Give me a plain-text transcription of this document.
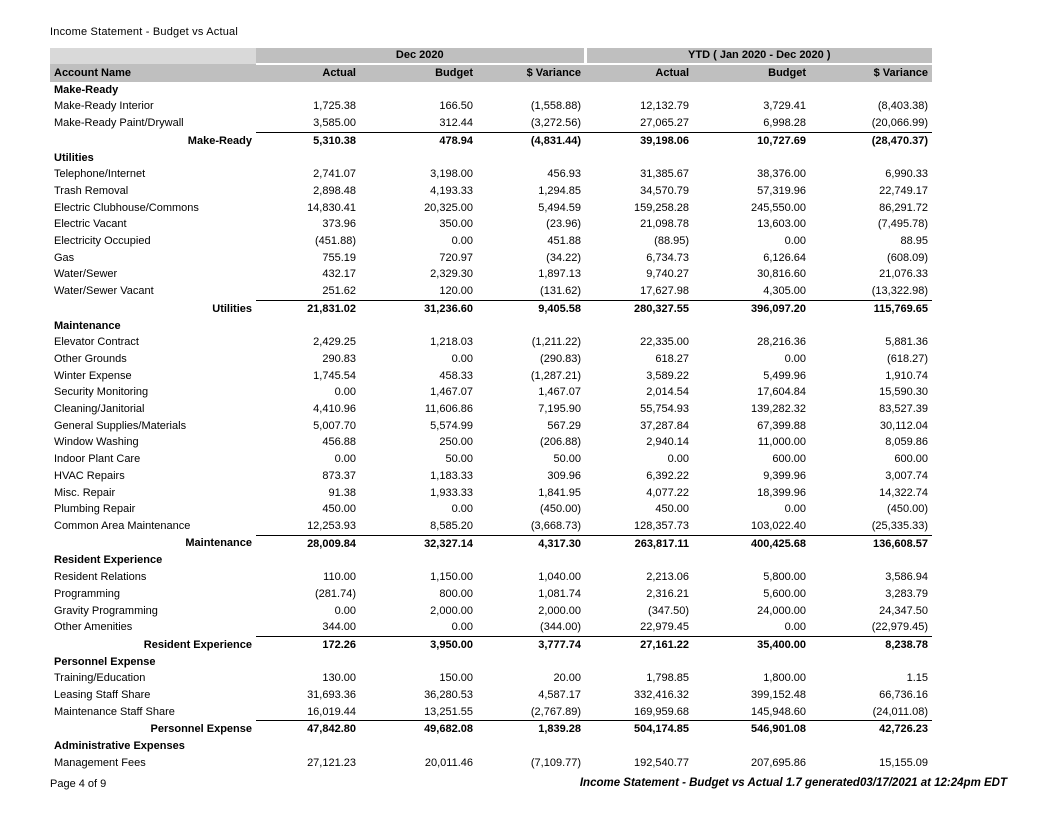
Income Statement - Budget vs Actual
	Dec 2020			YTD ( Jan 2020 - Dec 2020 )		
Account Name	Actual	Budget	$ Variance	Actual	Budget	$ Variance
Make-Ready						
Make-Ready Interior	1,725.38	166.50	(1,558.88)	12,132.79	3,729.41	(8,403.38)
Make-Ready Paint/Drywall	3,585.00	312.44	(3,272.56)	27,065.27	6,998.28	(20,066.99)
Make-Ready	5,310.38	478.94	(4,831.44)	39,198.06	10,727.69	(28,470.37)
Utilities						
Telephone/Internet	2,741.07	3,198.00	456.93	31,385.67	38,376.00	6,990.33
Trash Removal	2,898.48	4,193.33	1,294.85	34,570.79	57,319.96	22,749.17
Electric Clubhouse/Commons	14,830.41	20,325.00	5,494.59	159,258.28	245,550.00	86,291.72
Electric Vacant	373.96	350.00	(23.96)	21,098.78	13,603.00	(7,495.78)
Electricity Occupied	(451.88)	0.00	451.88	(88.95)	0.00	88.95
Gas	755.19	720.97	(34.22)	6,734.73	6,126.64	(608.09)
Water/Sewer	432.17	2,329.30	1,897.13	9,740.27	30,816.60	21,076.33
Water/Sewer Vacant	251.62	120.00	(131.62)	17,627.98	4,305.00	(13,322.98)
Utilities	21,831.02	31,236.60	9,405.58	280,327.55	396,097.20	115,769.65
Maintenance						
Elevator Contract	2,429.25	1,218.03	(1,211.22)	22,335.00	28,216.36	5,881.36
Other Grounds	290.83	0.00	(290.83)	618.27	0.00	(618.27)
Winter Expense	1,745.54	458.33	(1,287.21)	3,589.22	5,499.96	1,910.74
Security Monitoring	0.00	1,467.07	1,467.07	2,014.54	17,604.84	15,590.30
Cleaning/Janitorial	4,410.96	11,606.86	7,195.90	55,754.93	139,282.32	83,527.39
General Supplies/Materials	5,007.70	5,574.99	567.29	37,287.84	67,399.88	30,112.04
Window Washing	456.88	250.00	(206.88)	2,940.14	11,000.00	8,059.86
Indoor Plant Care	0.00	50.00	50.00	0.00	600.00	600.00
HVAC Repairs	873.37	1,183.33	309.96	6,392.22	9,399.96	3,007.74
Misc. Repair	91.38	1,933.33	1,841.95	4,077.22	18,399.96	14,322.74
Plumbing Repair	450.00	0.00	(450.00)	450.00	0.00	(450.00)
Common Area Maintenance	12,253.93	8,585.20	(3,668.73)	128,357.73	103,022.40	(25,335.33)
Maintenance	28,009.84	32,327.14	4,317.30	263,817.11	400,425.68	136,608.57
Resident Experience						
Resident Relations	110.00	1,150.00	1,040.00	2,213.06	5,800.00	3,586.94
Programming	(281.74)	800.00	1,081.74	2,316.21	5,600.00	3,283.79
Gravity Programming	0.00	2,000.00	2,000.00	(347.50)	24,000.00	24,347.50
Other Amenities	344.00	0.00	(344.00)	22,979.45	0.00	(22,979.45)
Resident Experience	172.26	3,950.00	3,777.74	27,161.22	35,400.00	8,238.78
Personnel Expense						
Training/Education	130.00	150.00	20.00	1,798.85	1,800.00	1.15
Leasing Staff Share	31,693.36	36,280.53	4,587.17	332,416.32	399,152.48	66,736.16
Maintenance Staff Share	16,019.44	13,251.55	(2,767.89)	169,959.68	145,948.60	(24,011.08)
Personnel Expense	47,842.80	49,682.08	1,839.28	504,174.85	546,901.08	42,726.23
Administrative Expenses						
Management Fees	27,121.23	20,011.46	(7,109.77)	192,540.77	207,695.86	15,155.09
Page 4 of 9	Income Statement - Budget vs Actual 1.7 generated03/17/2021 at 12:24pm EDT
